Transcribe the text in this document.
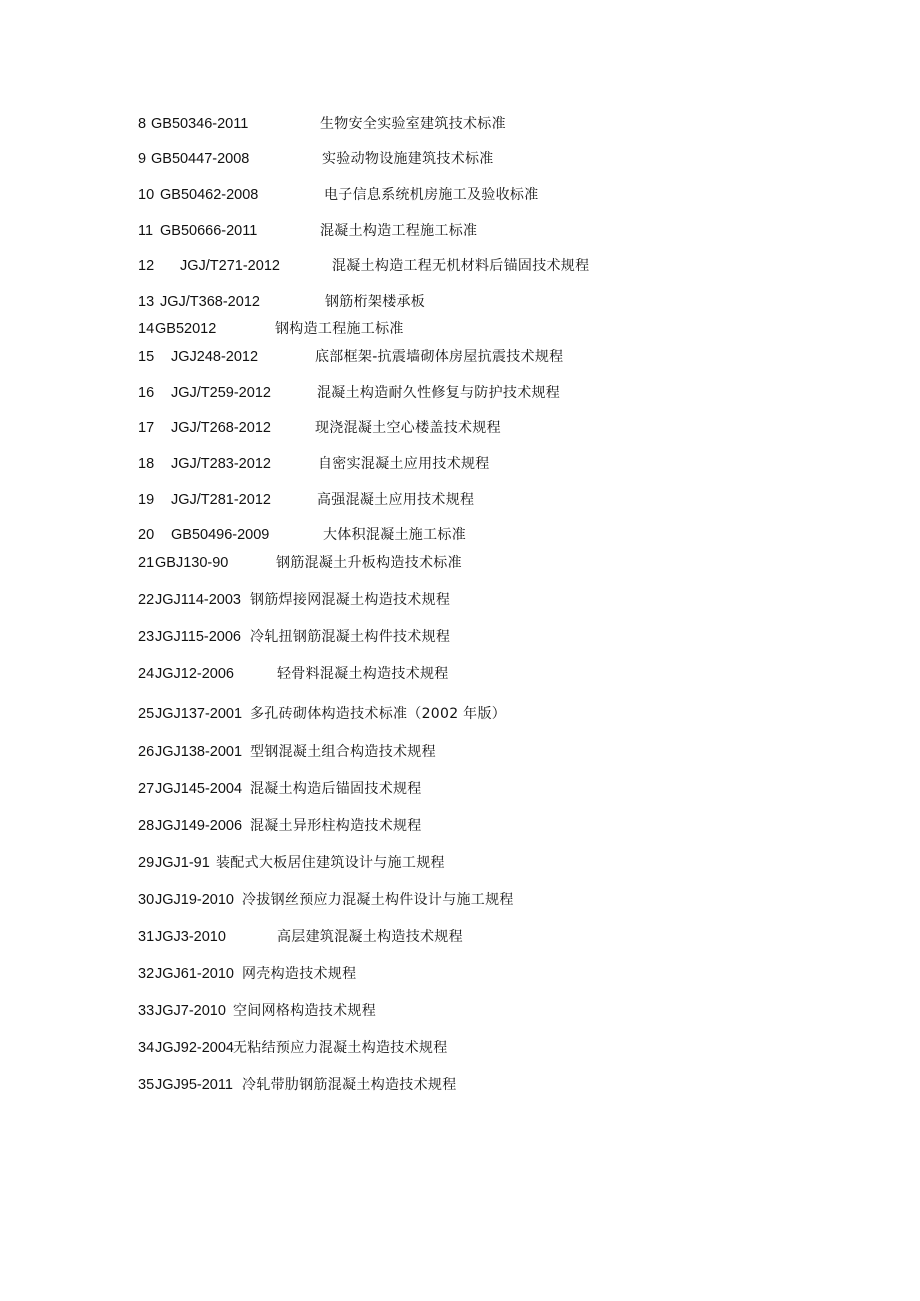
8 GB50346-2011	生物安全实验室建筑技术标准
9 GB50447-2008	实验动物设施建筑技术标准
10 GB50462-2008	电子信息系统机房施工及验收标准
11 GB50666-2011	混凝土构造工程施工标准
12 JGJ/T271-2012	混凝土构造工程无机材料后锚固技术规程
13 JGJ/T368-2012	钢筋桁架楼承板
14 GB52012	钢构造工程施工标准
15 JGJ248-2012	底部框架-抗震墙砌体房屋抗震技术规程
16 JGJ/T259-2012	混凝土构造耐久性修复与防护技术规程
17 JGJ/T268-2012	现浇混凝土空心楼盖技术规程
18 JGJ/T283-2012	自密实混凝土应用技术规程
19 JGJ/T281-2012	高强混凝土应用技术规程
20 GB50496-2009	大体积混凝土施工标准
21 GBJ130-90	钢筋混凝土升板构造技术标准
22 JGJ114-2003 钢筋焊接网混凝土构造技术规程
23 JGJ115-2006 冷轧扭钢筋混凝土构件技术规程
24 JGJ12-2006	轻骨料混凝土构造技术规程
25 JGJ137-2001 多孔砖砌体构造技术标准（2002 年版）
26 JGJ138-2001 型钢混凝土组合构造技术规程
27 JGJ145-2004 混凝土构造后锚固技术规程
28 JGJ149-2006 混凝土异形柱构造技术规程
29 JGJ1-91 装配式大板居住建筑设计与施工规程
30 JGJ19-2010 冷拔钢丝预应力混凝土构件设计与施工规程
31 JGJ3-2010	高层建筑混凝土构造技术规程
32 JGJ61-2010 网壳构造技术规程
33 JGJ7-2010 空间网格构造技术规程
34 JGJ92-2004 无粘结预应力混凝土构造技术规程
35 JGJ95-2011 冷轧带肋钢筋混凝土构造技术规程
